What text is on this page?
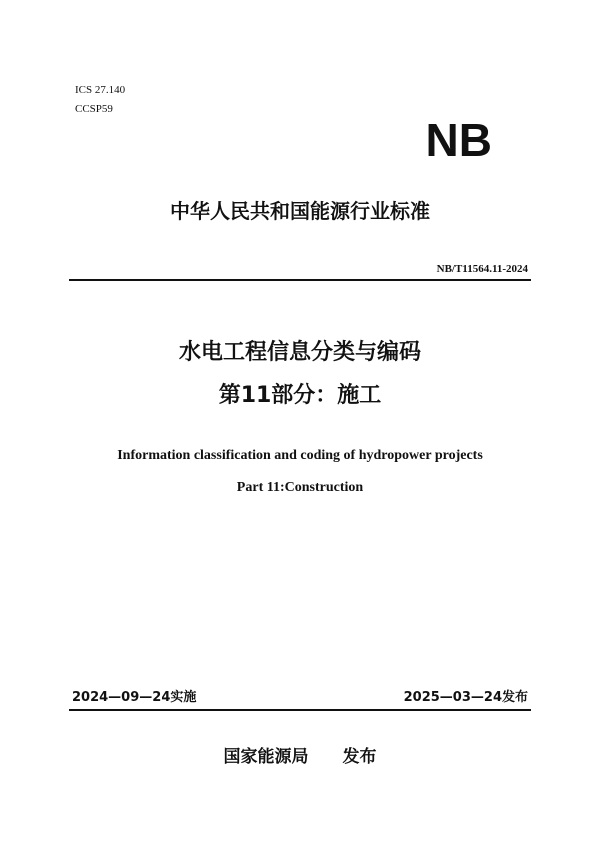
ICS 27.140
CCSP59
NB
中华人民共和国能源行业标准
NB/T11564.11-2024
水电工程信息分类与编码
第11部分：施工
Information classification and coding of hydropower projects
Part 11:Construction
2024—09—24实施	2025—03—24发布
国家能源局 发布
